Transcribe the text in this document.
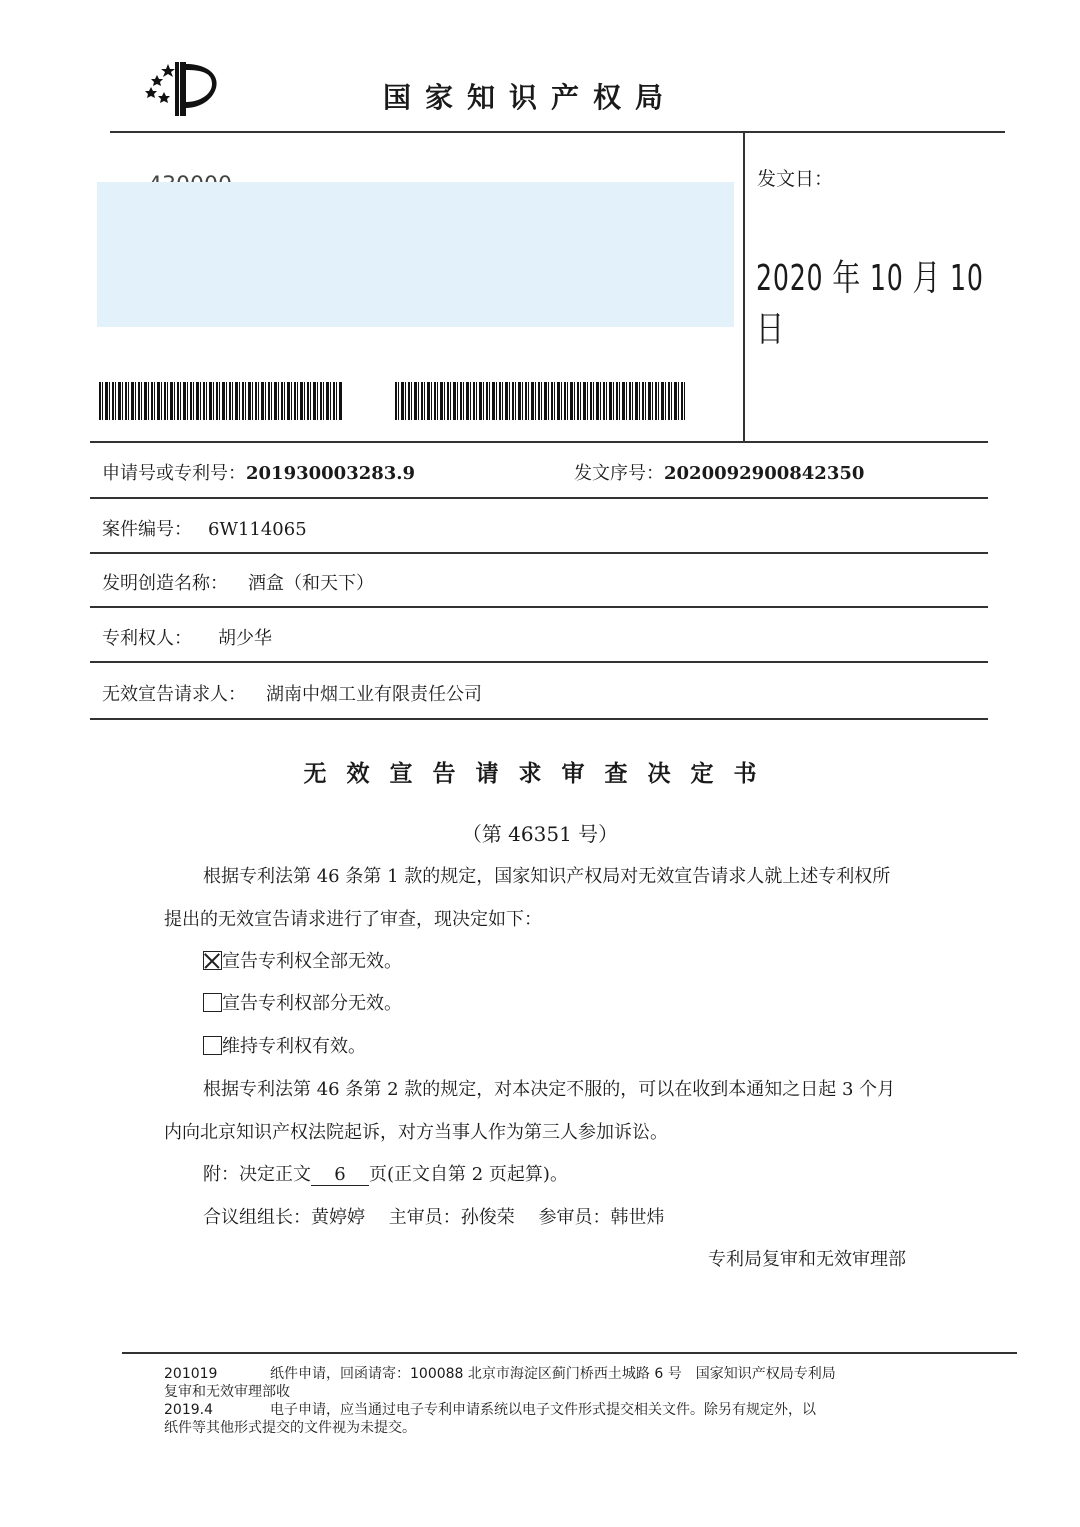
国家知识产权局
发文日：
2020 年 10 月 10 日
申请号或专利号：201930003283.9	发文序号：2020092900842350
案件编号： 6W114065
发明创造名称： 酒盒（和天下）
专利权人： 胡少华
无效宣告请求人： 湖南中烟工业有限责任公司
无效宣告请求审查决定书
（第 46351 号）
根据专利法第 46 条第 1 款的规定，国家知识产权局对无效宣告请求人就上述专利权所
提出的无效宣告请求进行了审查，现决定如下：
宣告专利权全部无效。
宣告专利权部分无效。
维持专利权有效。
根据专利法第 46 条第 2 款的规定，对本决定不服的，可以在收到本通知之日起 3 个月
内向北京知识产权法院起诉，对方当事人作为第三人参加诉讼。
附：决定正文 6 页(正文自第 2 页起算)。
合议组组长：黄婷婷　 主审员：孙俊荣　 参审员：韩世炜
专利局复审和无效审理部
201019	纸件申请，回函请寄：100088 北京市海淀区蓟门桥西土城路 6 号　国家知识产权局专利局
复审和无效审理部收
2019.4	电子申请，应当通过电子专利申请系统以电子文件形式提交相关文件。除另有规定外，以
纸件等其他形式提交的文件视为未提交。
